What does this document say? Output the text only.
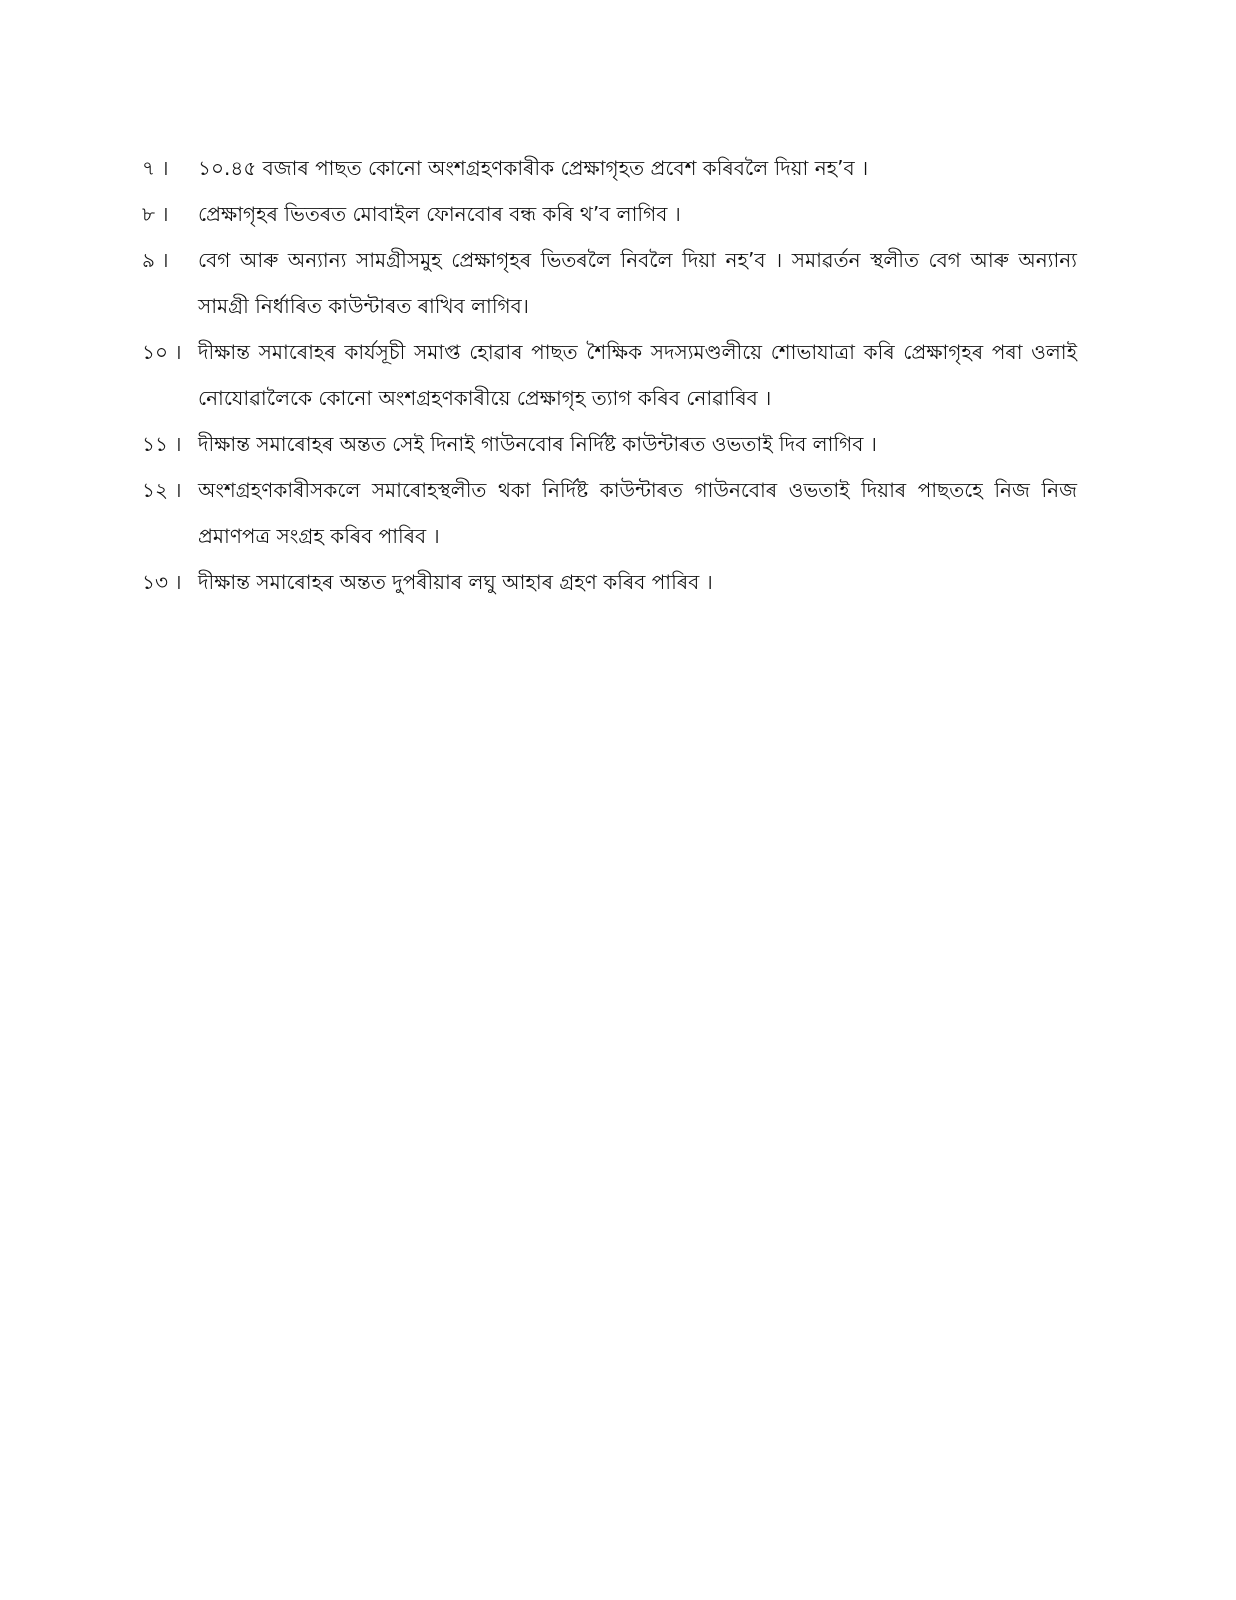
৭ ।	১০.৪৫ বজাৰ পাছত কোনো অংশগ্ৰহণকাৰীক প্ৰেক্ষাগৃহত প্ৰবেশ কৰিবলৈ দিয়া নহ’ব ।
৮ ।	প্ৰেক্ষাগৃহৰ ভিতৰত মোবাইল ফোনবোৰ বন্ধ কৰি থ’ব লাগিব ।
৯ ।	বেগ আৰু অন্যান্য সামগ্ৰীসমুহ প্ৰেক্ষাগৃহৰ ভিতৰলৈ নিবলৈ দিয়া নহ’ব । সমাৱৰ্তন স্থলীত বেগ আৰু অন্যান্য সামগ্ৰী নিৰ্ধাৰিত কাউন্টাৰত ৰাখিব লাগিব।
১০ । দীক্ষান্ত সমাৰোহৰ কাৰ্যসূচী সমাপ্ত হোৱাৰ পাছত শৈক্ষিক সদস্যমণ্ডলীয়ে শোভাযাত্ৰা কৰি প্ৰেক্ষাগৃহৰ পৰা ওলাই নোযোৱালৈকে কোনো অংশগ্ৰহণকাৰীয়ে প্ৰেক্ষাগৃহ ত্যাগ কৰিব নোৱাৰিব ।
১১ । দীক্ষান্ত সমাৰোহৰ অন্তত সেই দিনাই গাউনবোৰ নিৰ্দিষ্ট কাউন্টাৰত ওভতাই দিব লাগিব ।
১২ । অংশগ্ৰহণকাৰীসকলে সমাৰোহস্থলীত থকা নিৰ্দিষ্ট কাউন্টাৰত গাউনবোৰ ওভতাই দিয়াৰ পাছতহে নিজ নিজ প্ৰমাণপত্ৰ সংগ্ৰহ কৰিব পাৰিব ।
১৩ । দীক্ষান্ত সমাৰোহৰ অন্তত দুপৰীয়াৰ লঘু আহাৰ গ্ৰহণ কৰিব পাৰিব ।
